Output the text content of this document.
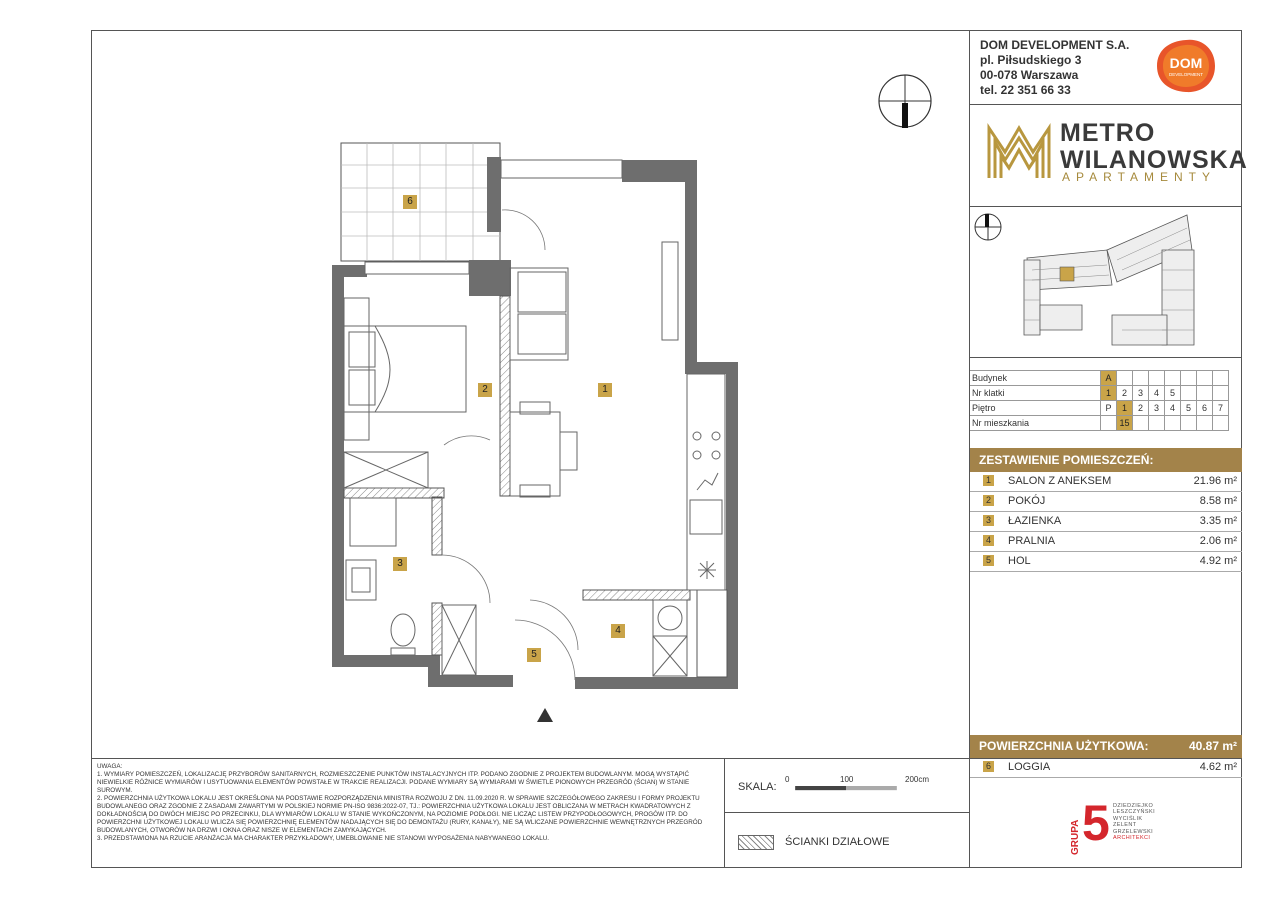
DOM DEVELOPMENT S.A.
pl. Piłsudskiego 3
00-078 Warszawa
tel. 22 351 66 33
DOM
DEVELOPMENT
METRO
WILANOWSKA
APARTAMENTY
Budynek	A							
Nr klatki	1	2	3	4	5			
Piętro	P	1	2	3	4	5	6	7
Nr mieszkania		15						
ZESTAWIENIE POMIESZCZEŃ:
1 SALON Z ANEKSEM	21.96 m²
2 POKÓJ	8.58 m²
3 ŁAZIENKA	3.35 m²
4 PRALNIA	2.06 m²
5 HOL	4.92 m²
POWIERZCHNIA UŻYTKOWA:	40.87 m²
6 LOGGIA	4.62 m²

UWAGA:

1. WYMIARY POMIESZCZEŃ, LOKALIZACJĘ PRZYBORÓW SANITARNYCH, ROZMIESZCZENIE PUNKTÓW INSTALACYJNYCH ITP. PODANO ZGODNIE Z PROJEKTEM BUDOWLANYM. MOGĄ WYSTĄPIĆ NIEWIELKIE RÓŻNICE WYMIARÓW I USYTUOWANIA ELEMENTÓW POWSTAŁE W TRAKCIE REALIZACJI. PODANE WYMIARY SĄ WYMIARAMI W ŚWIETLE PIONOWYCH PRZEGRÓD (ŚCIAN) W STANIE SUROWYM.

2. POWIERZCHNIA UŻYTKOWA LOKALU JEST OKREŚLONA NA PODSTAWIE ROZPORZĄDZENIA MINISTRA ROZWOJU Z DN. 11.09.2020 R. W SPRAWIE SZCZEGÓŁOWEGO ZAKRESU I FORMY PROJEKTU BUDOWLANEGO ORAZ ZGODNIE Z ZASADAMI ZAWARTYMI W POLSKIEJ NORMIE PN-ISO 9836:2022-07, TJ.: POWIERZCHNIA UŻYTKOWA LOKALU JEST OBLICZANA W METRACH KWADRATOWYCH Z DOKŁADNOŚCIĄ DO DWÓCH MIEJSC PO PRZECINKU, DLA WYMIARÓW LOKALU W STANIE WYKOŃCZONYM, NA POZIOMIE PODŁOGI. NIE LICZĄC LISTEW PRZYPODŁOGOWYCH, PROGÓW ITP. DO POWIERZCHNI UŻYTKOWEJ LOKALU WLICZA SIĘ POWIERZCHNIĘ ELEMENTÓW NADAJĄCYCH SIĘ DO DEMONTAŻU (RURY, KANAŁY), NIE SĄ WLICZANE POWIERZCHNIE WEWNĘTRZNYCH PRZEGRÓD BUDOWLANYCH, OTWORÓW NA DRZWI I OKNA ORAZ NISZE W ELEMENTACH ZAMYKAJĄCYCH.

3. PRZEDSTAWIONA NA RZUCIE ARANŻACJA MA CHARAKTER PRZYKŁADOWY, UMEBLOWANIE NIE STANOWI WYPOSAŻENIA NABYWANEGO LOKALU.

SKALA:
0	100	200cm
ŚCIANKI DZIAŁOWE	GRUPA 5 DZIEDZIEJKO
LESZCZYŃSKI
WYCIŚLIK
ZELENT
GRZELEWSKI
ARCHITEKCI
1
2
3
4
5
6
